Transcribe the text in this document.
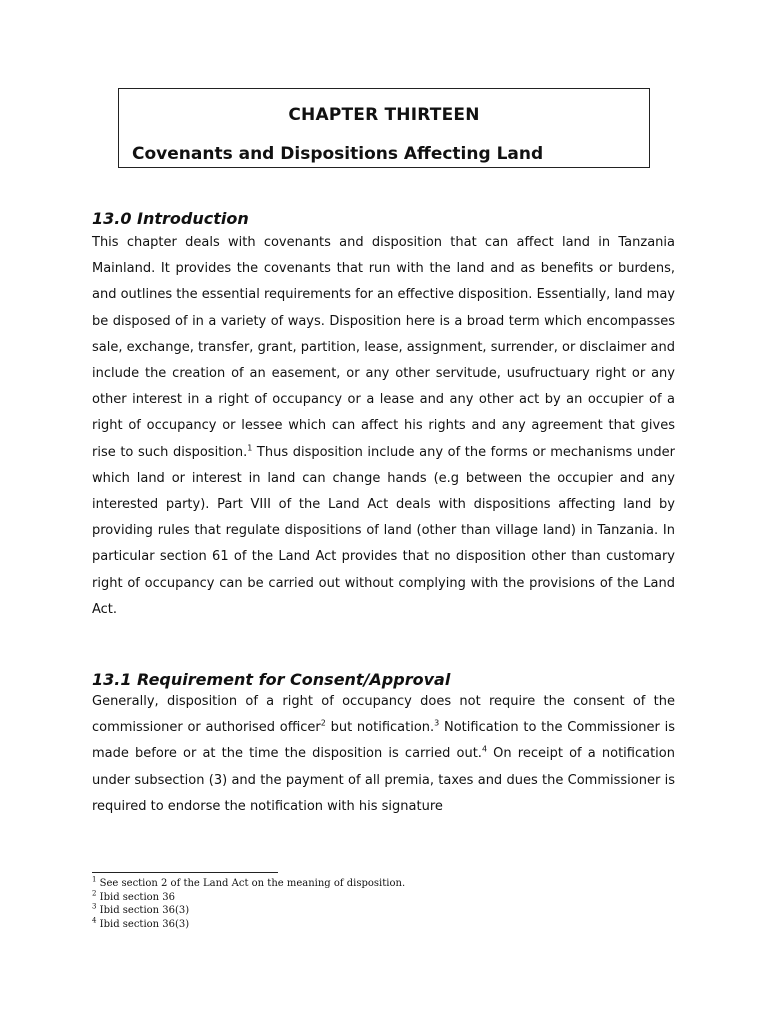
CHAPTER THIRTEEN
Covenants and Dispositions Affecting Land
13.0 Introduction

This chapter deals with covenants and disposition that can affect land in Tanzania Mainland. It provides the covenants that run with the land and as benefits or burdens, and outlines the essential requirements for an effective disposition. Essentially, land may be disposed of in a variety of ways. Disposition here is a broad term which encompasses sale, exchange, transfer, grant, partition, lease, assignment, surrender, or disclaimer and include the creation of an easement, or any other servitude, usufructuary right or any other interest in a right of occupancy or a lease and any other act by an occupier of a right of occupancy or lessee which can affect his rights and any agreement that gives rise to such disposition.$^1$ Thus disposition include any of the forms or mechanisms under which land or interest in land can change hands (e.g between the occupier and any interested party). Part VIII of the Land Act deals with dispositions affecting land by providing rules that regulate dispositions of land (other than village land) in Tanzania. In particular section 61 of the Land Act provides that no disposition other than customary right of occupancy can be carried out without complying with the provisions of the Land Act.

13.1 Requirement for Consent/Approval

Generally, disposition of a right of occupancy does not require the consent of the commissioner or authorised officer$^2$ but notification.$^3$ Notification to the Commissioner is made before or at the time the disposition is carried out.$^4$ On receipt of a notification under subsection (3) and the payment of all premia, taxes and dues the Commissioner is required to endorse the notification with his signature

$^1$ See section 2 of the Land Act on the meaning of disposition.
$^2$ Ibid section 36
$^3$ Ibid section 36(3)
$^4$ Ibid section 36(3)
